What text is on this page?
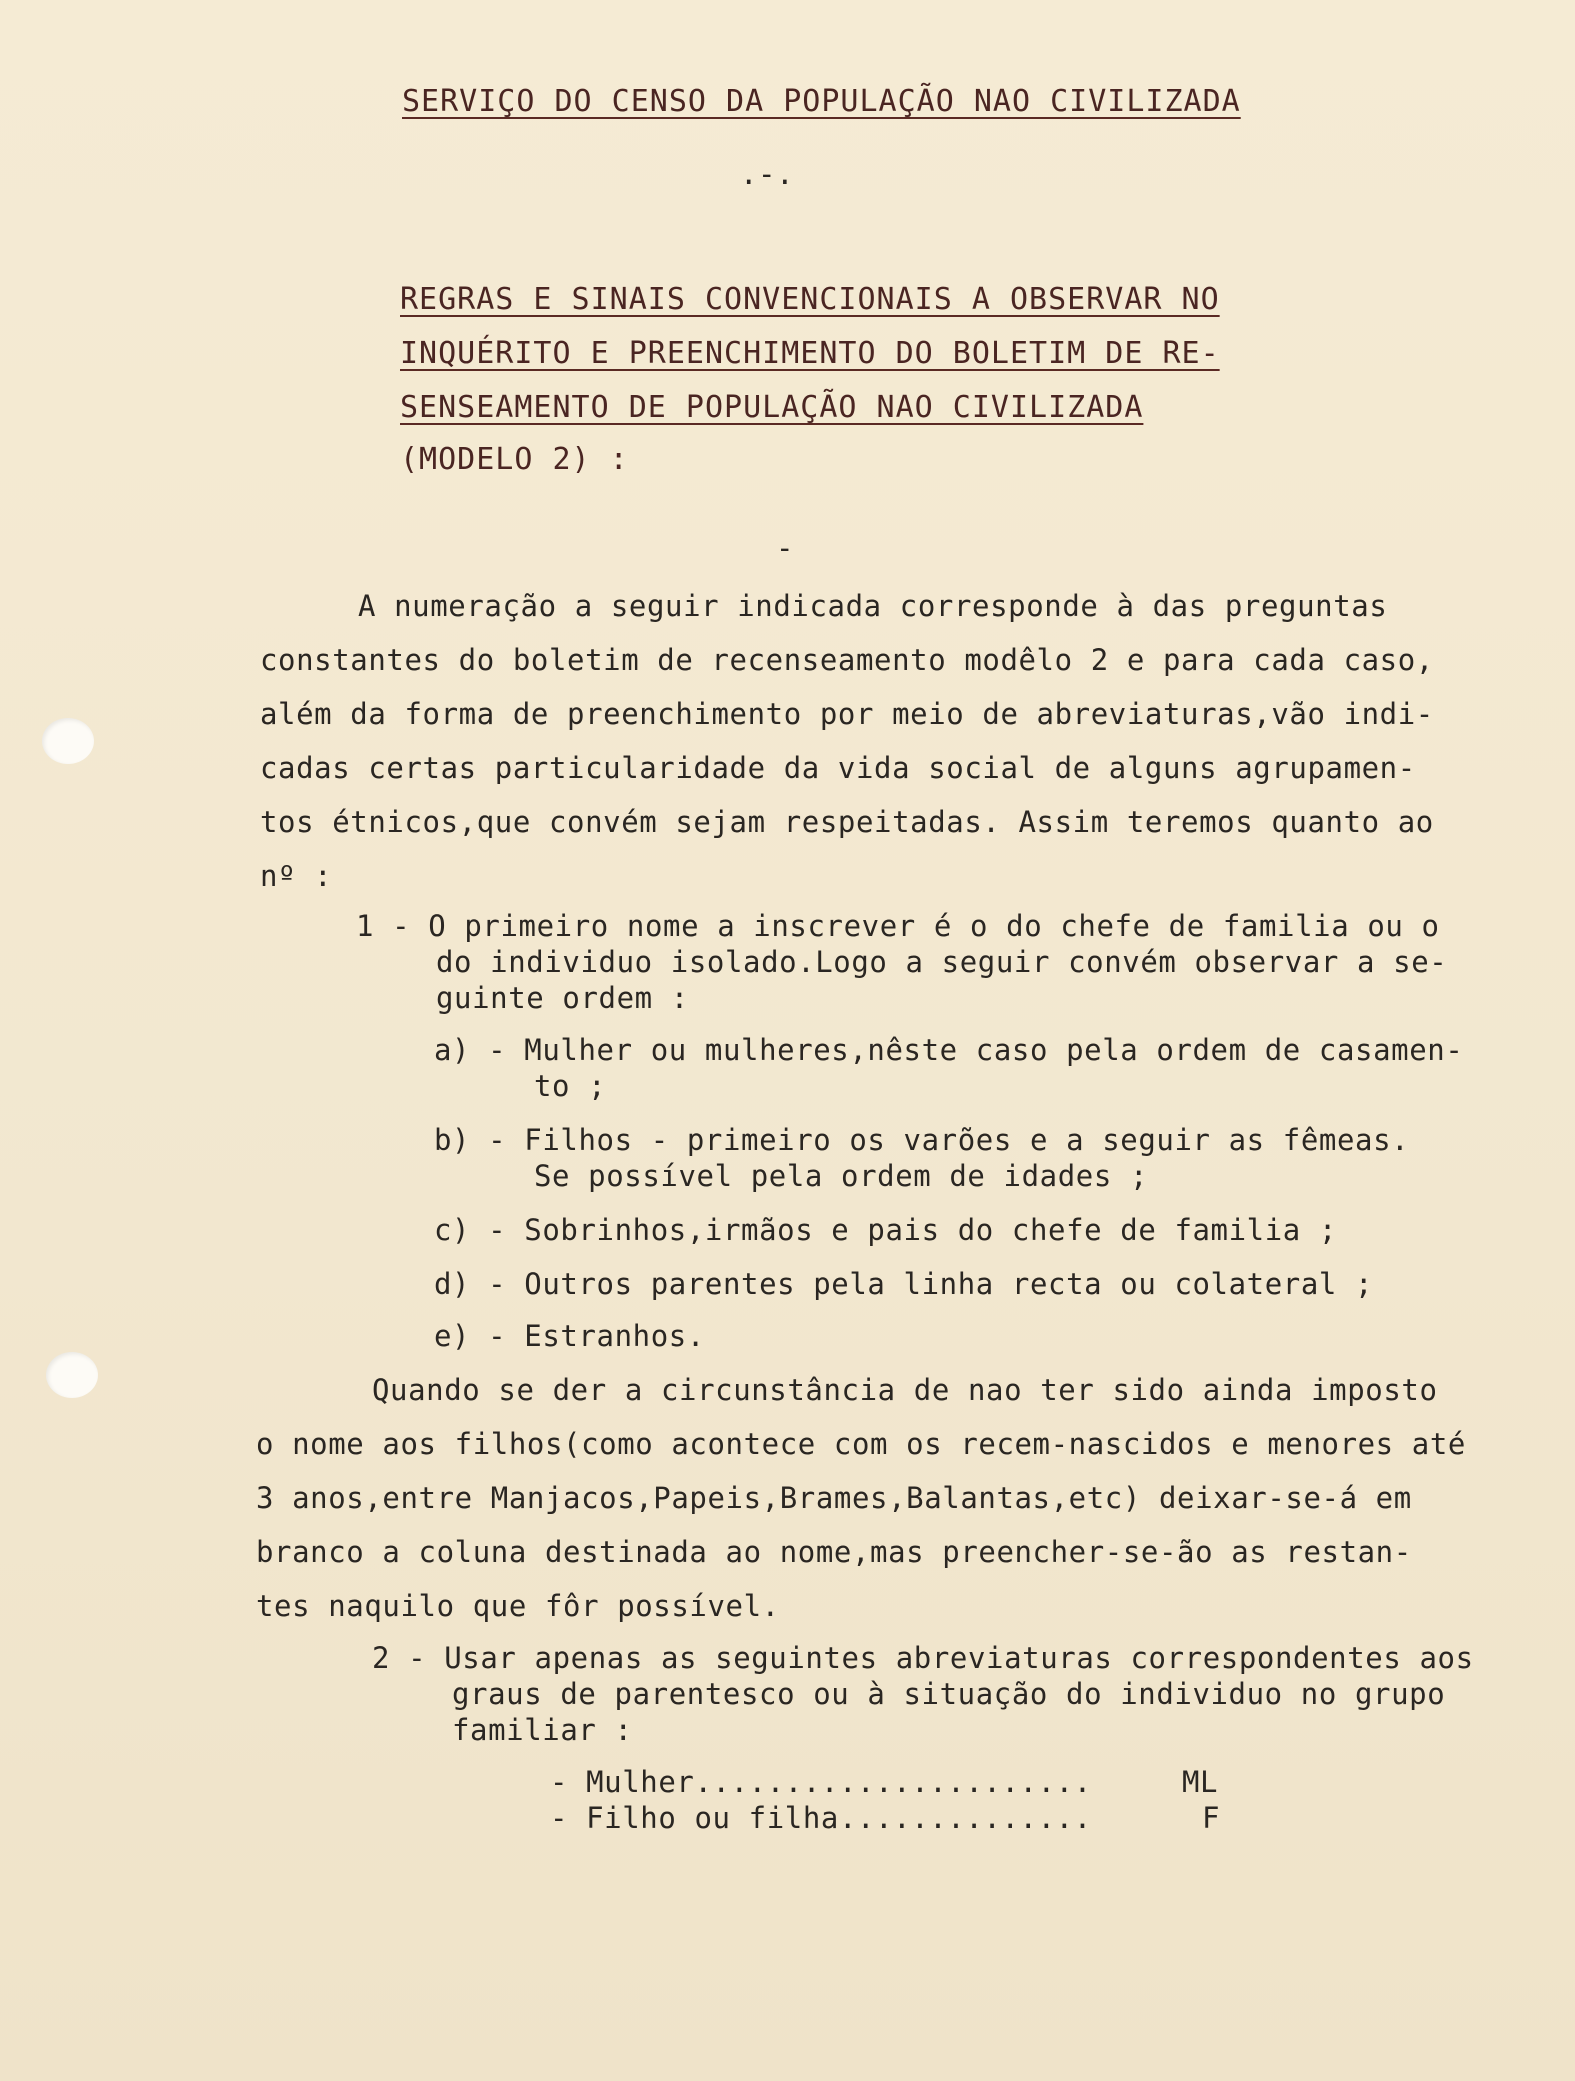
SERVIÇO DO CENSO DA POPULAÇÃO NAO CIVILIZADA
.-.
REGRAS E SINAIS CONVENCIONAIS A OBSERVAR NO
INQUÉRITO E PREENCHIMENTO DO BOLETIM DE RE-
SENSEAMENTO DE POPULAÇÃO NAO CIVILIZADA
(MODELO 2) :
-
A numeração a seguir indicada corresponde à das preguntas
constantes do boletim de recenseamento modêlo 2 e para cada caso,
além da forma de preenchimento por meio de abreviaturas,vão indi-
cadas certas particularidade da vida social de alguns agrupamen-
tos étnicos,que convém sejam respeitadas. Assim teremos quanto ao
nº :
1 - O primeiro nome a inscrever é o do chefe de familia ou o
do individuo isolado.Logo a seguir convém observar a se-
guinte ordem :
a) - Mulher ou mulheres,nêste caso pela ordem de casamen-
to ;
b) - Filhos - primeiro os varões e a seguir as fêmeas.
Se possível pela ordem de idades ;
c) - Sobrinhos,irmãos e pais do chefe de familia ;
d) - Outros parentes pela linha recta ou colateral ;
e) - Estranhos.
Quando se der a circunstância de nao ter sido ainda imposto
o nome aos filhos(como acontece com os recem-nascidos e menores até
3 anos,entre Manjacos,Papeis,Brames,Balantas,etc) deixar-se-á em
branco a coluna destinada ao nome,mas preencher-se-ão as restan-
tes naquilo que fôr possível.
2 - Usar apenas as seguintes abreviaturas correspondentes aos
graus de parentesco ou à situação do individuo no grupo
familiar :
- Mulher......................	ML
- Filho ou filha..............	F
